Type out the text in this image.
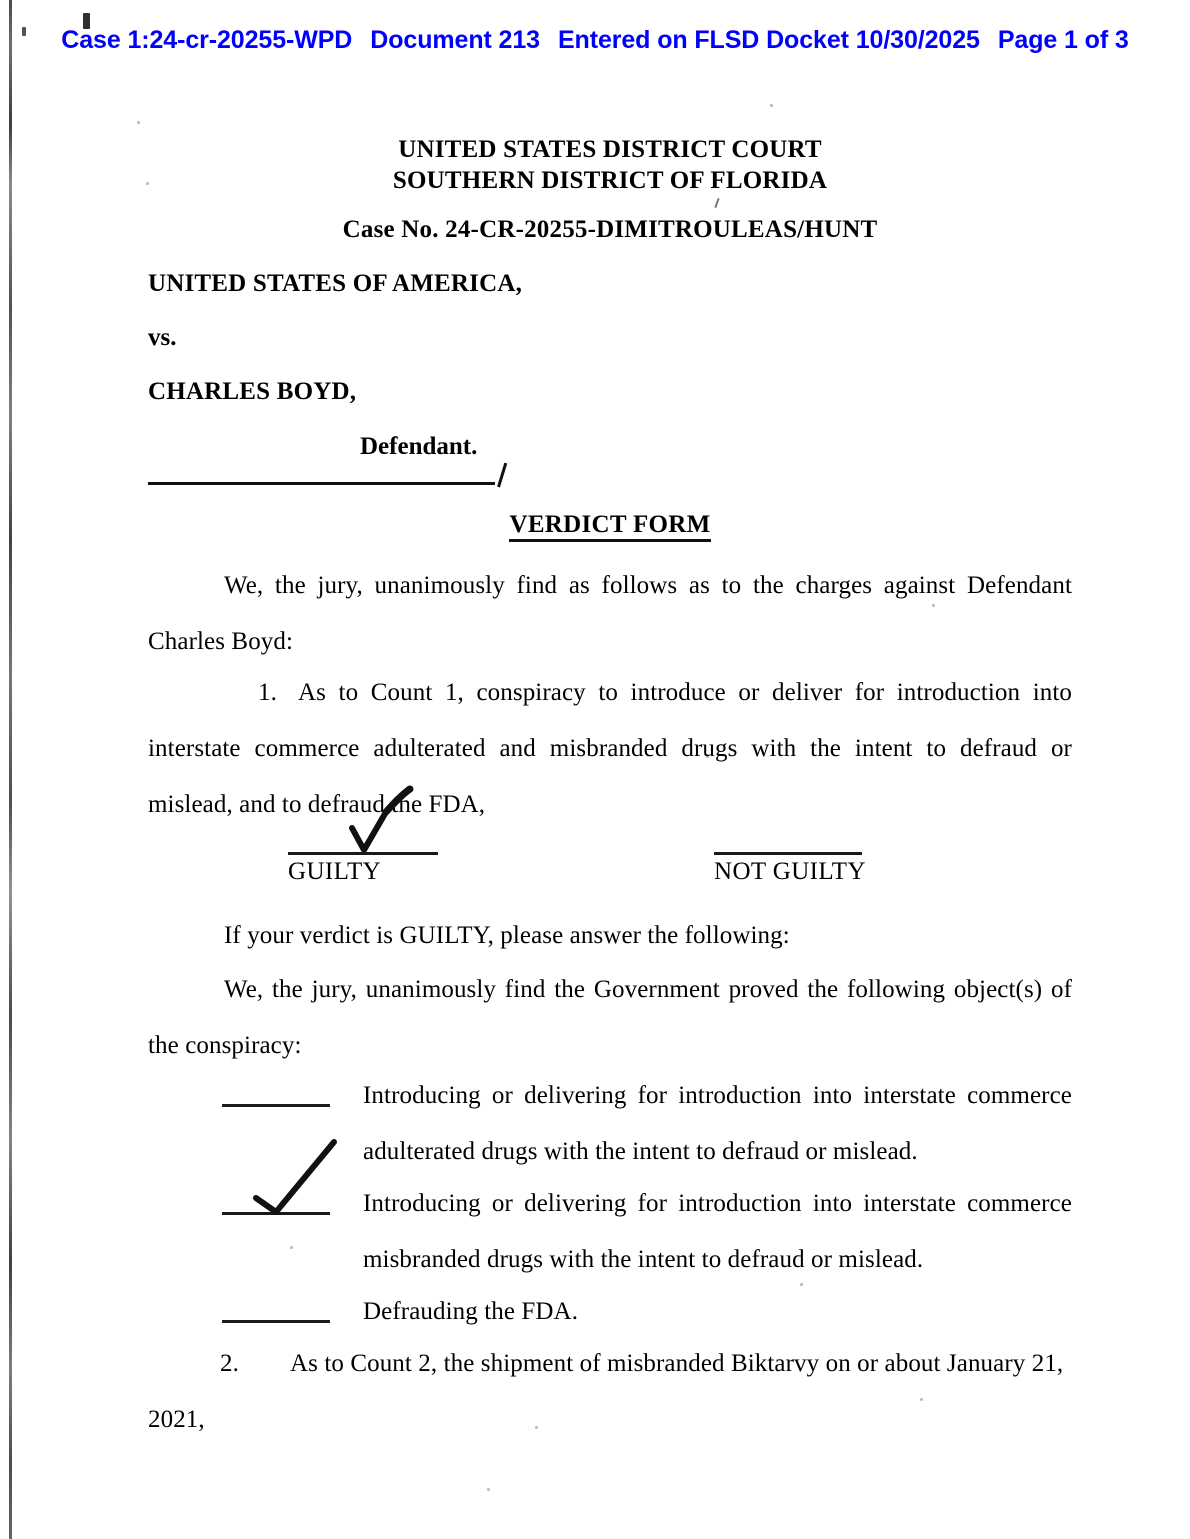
Case 1:24-cr-20255-WPD Document 213 Entered on FLSD Docket 10/30/2025 Page 1 of 3
UNITED STATES DISTRICT COURT
SOUTHERN DISTRICT OF FLORIDA
Case No. 24-CR-20255-DIMITROULEAS/HUNT
UNITED STATES OF AMERICA,
vs.
CHARLES BOYD,
Defendant.
VERDICT FORM
We, the jury, unanimously find as follows as to the charges against Defendant Charles Boyd:
1. As to Count 1, conspiracy to introduce or deliver for introduction into interstate commerce adulterated and misbranded drugs with the intent to defraud or mislead, and to defraud the FDA,
GUILTY	NOT GUILTY
If your verdict is GUILTY, please answer the following:
We, the jury, unanimously find the Government proved the following object(s) of the conspiracy:
Introducing or delivering for introduction into interstate commerce adulterated drugs with the intent to defraud or mislead.
Introducing or delivering for introduction into interstate commerce misbranded drugs with the intent to defraud or mislead.
Defrauding the FDA.
2.	As to Count 2, the shipment of misbranded Biktarvy on or about January 21, 2021,
